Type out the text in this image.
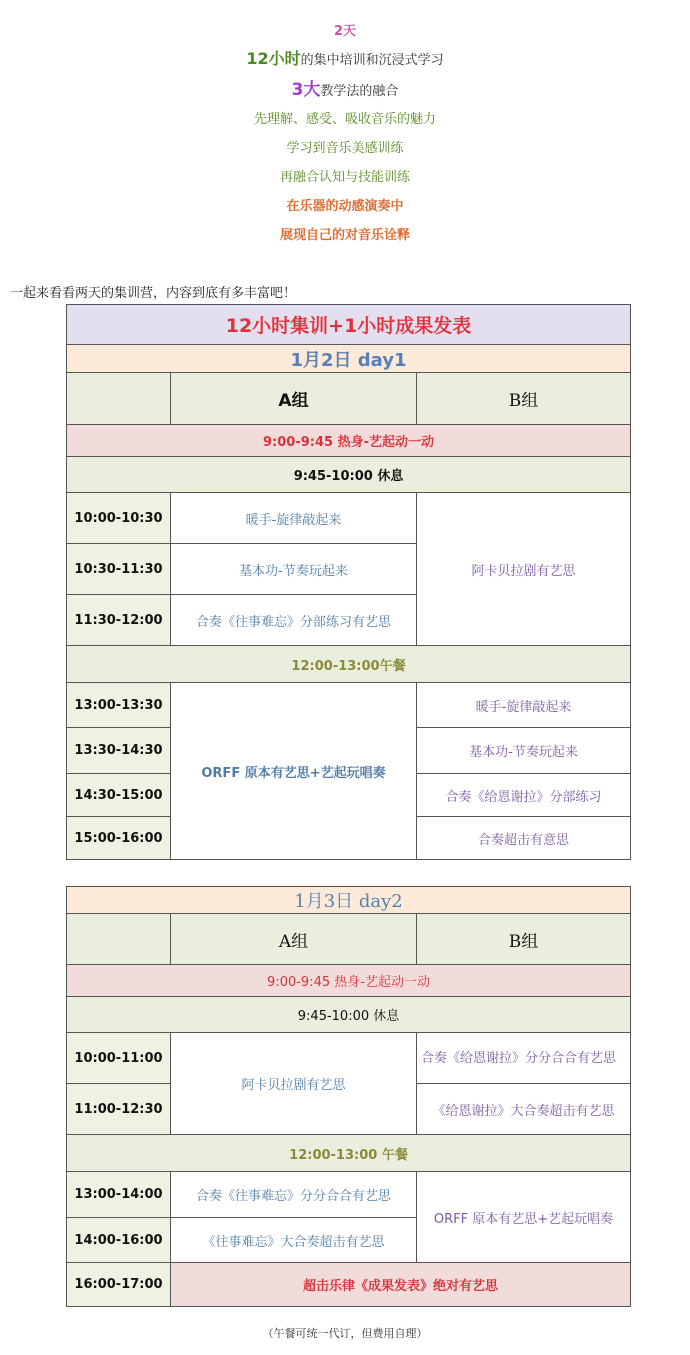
2天
12小时的集中培训和沉浸式学习
3大教学法的融合
先理解、感受、吸收音乐的魅力
学习到音乐美感训练
再融合认知与技能训练
在乐器的动感演奏中
展现自己的对音乐诠释
一起来看看两天的集训营，内容到底有多丰富吧！
12小时集训+1小时成果发表		
1月2日 day1		
	A组	B组
9:00-9:45 热身-艺起动一动		
9:45-10:00 休息		
10:00-10:30	暖手-旋律敲起来	阿卡贝拉剧有艺思
10:30-11:30	基本功-节奏玩起来	
11:30-12:00	合奏《往事难忘》分部练习有艺思	
12:00-13:00午餐		
13:00-13:30	ORFF 原本有艺思+艺起玩唱奏	暖手-旋律敲起来
13:30-14:30		基本功-节奏玩起来
14:30-15:00		合奏《给恩谢拉》分部练习
15:00-16:00		合奏超击有意思
1月3日 day2		
	A组	B组
9:00-9:45 热身-艺起动一动		
9:45-10:00 休息		
10:00-11:00	阿卡贝拉剧有艺思	合奏《给恩谢拉》分分合合有艺思
11:00-12:30		《给恩谢拉》大合奏超击有艺思
12:00-13:00 午餐		
13:00-14:00	合奏《往事难忘》分分合合有艺思	ORFF 原本有艺思+艺起玩唱奏
14:00-16:00	《往事难忘》大合奏超击有艺思	
16:00-17:00	超击乐律《成果发表》绝对有艺思	
（午餐可统一代订，但费用自理）
